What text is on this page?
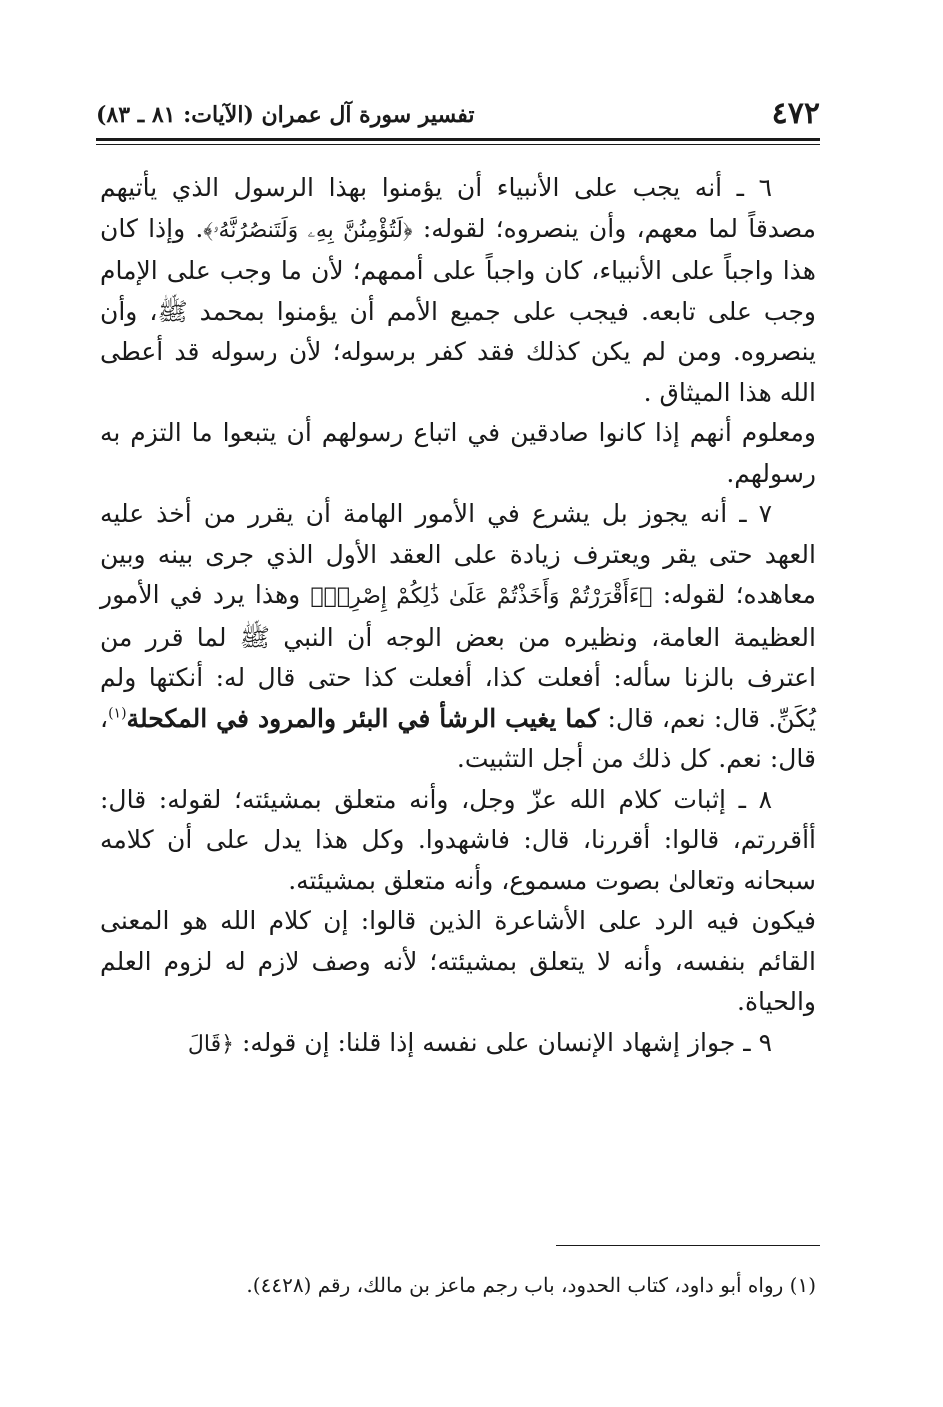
٤٧٢
تفسير سورة آل عمران (الآيات: ٨١ ـ ٨٣)

٦ ـ أنه يجب على الأنبياء أن يؤمنوا بهذا الرسول الذي يأتيهم مصدقاً لما معهم، وأن ينصروه؛ لقوله: ﴿لَتُؤْمِنُنَّ بِهِۦ وَلَتَنصُرُنَّهُۥ﴾. وإذا كان هذا واجباً على الأنبياء، كان واجباً على أممهم؛ لأن ما وجب على الإمام وجب على تابعه. فيجب على جميع الأمم أن يؤمنوا بمحمد ﷺ، وأن ينصروه. ومن لم يكن كذلك فقد كفر برسوله؛ لأن رسوله قد أعطى الله هذا الميثاق .

ومعلوم أنهم إذا كانوا صادقين في اتباع رسولهم أن يتبعوا ما التزم به رسولهم.

٧ ـ أنه يجوز بل يشرع في الأمور الهامة أن يقرر من أخذ عليه العهد حتى يقر ويعترف زيادة على العقد الأول الذي جرى بينه وبين معاهده؛ لقوله: ﴿ءَأَقْرَرْتُمْ وَأَخَذْتُمْ عَلَىٰ ذَٰلِكُمْ إِصْرِيۖ﴾ وهذا يرد في الأمور العظيمة العامة، ونظيره من بعض الوجه أن النبي ﷺ لما قرر من اعترف بالزنا سأله: أفعلت كذا، أفعلت كذا حتى قال له: أنكتها ولم يُكَنِّ. قال: نعم، قال: كما يغيب الرشأ في البئر والمرود في المكحلة$^{(١)}$، قال: نعم. كل ذلك من أجل التثبيت.

٨ ـ إثبات كلام الله عزّ وجل، وأنه متعلق بمشيئته؛ لقوله: قال: أأقررتم، قالوا: أقررنا، قال: فاشهدوا. وكل هذا يدل على أن كلامه سبحانه وتعالىٰ بصوت مسموع، وأنه متعلق بمشيئته.

فيكون فيه الرد على الأشاعرة الذين قالوا: إن كلام الله هو المعنى القائم بنفسه، وأنه لا يتعلق بمشيئته؛ لأنه وصف لازم له لزوم العلم والحياة.

٩ ـ جواز إشهاد الإنسان على نفسه إذا قلنا: إن قوله: ﴿قَالَ

(١) رواه أبو داود، كتاب الحدود، باب رجم ماعز بن مالك، رقم (٤٤٢٨).
